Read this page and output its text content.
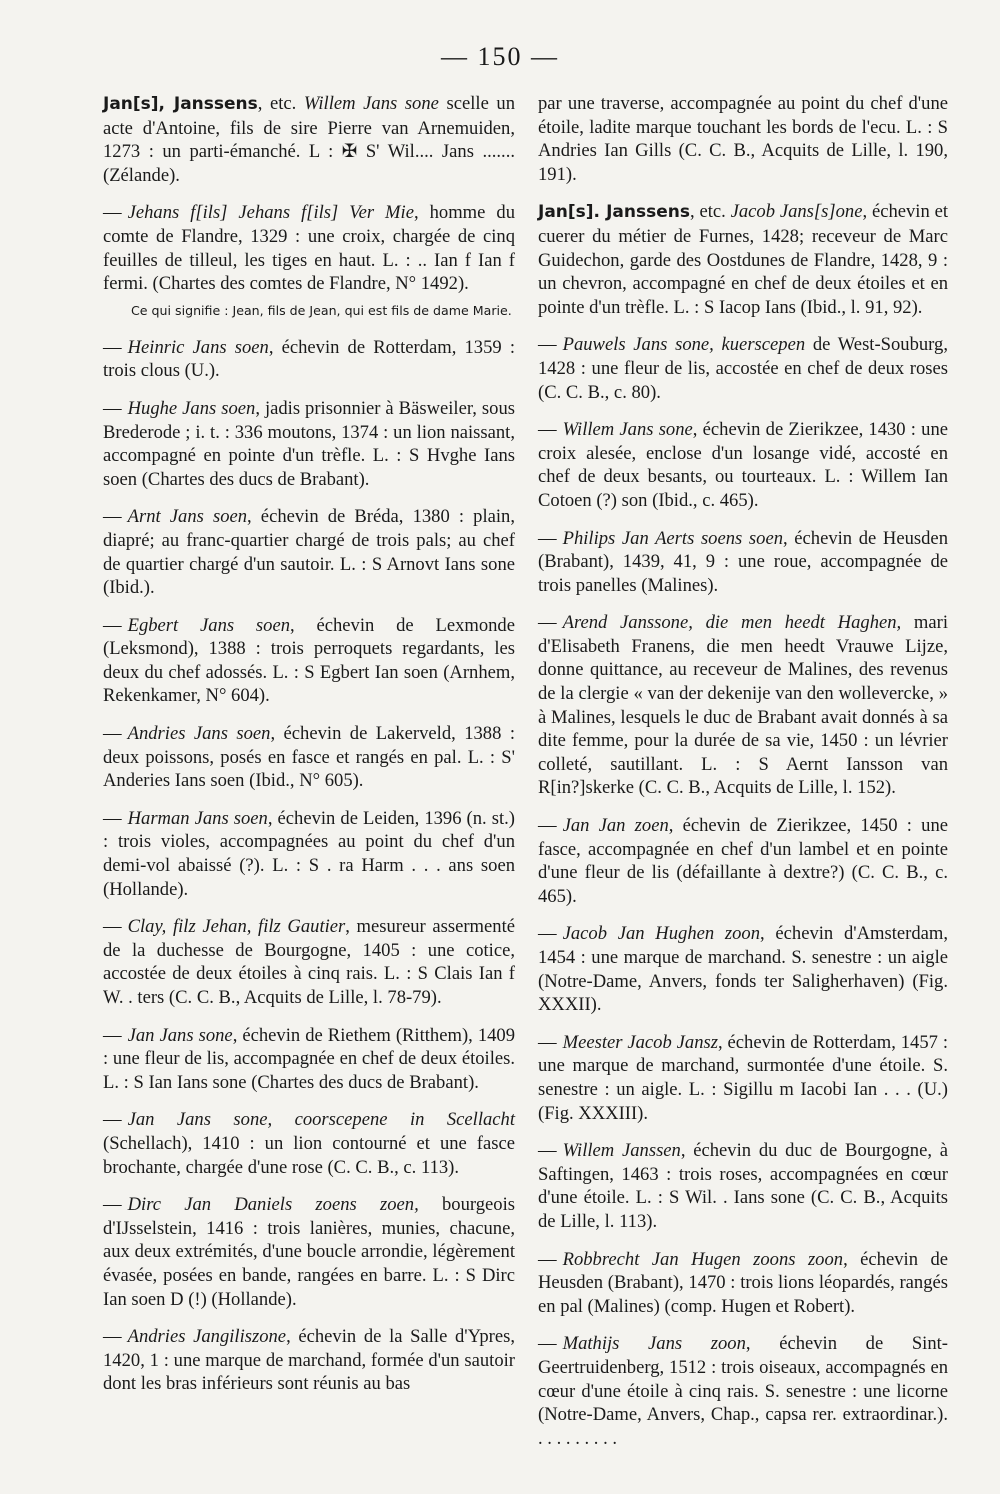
— 150 —
Jan[s], Janssens, etc. Willem Jans sone scelle un acte d'Antoine, fils de sire Pierre van Arnemuiden, 1273 : un parti-émanché. L : ✠ S' Wil.... Jans ....... (Zélande).
— Jehans f[ils] Jehans f[ils] Ver Mie, homme du comte de Flandre, 1329 : une croix, chargée de cinq feuilles de tilleul, les tiges en haut. L. : .. Ian f Ian f fermi. (Chartes des comtes de Flandre, N° 1492).
Ce qui signifie : Jean, fils de Jean, qui est fils de dame Marie.
— Heinric Jans soen, échevin de Rotterdam, 1359 : trois clous (U.).
— Hughe Jans soen, jadis prisonnier à Bäsweiler, sous Brederode ; i. t. : 336 moutons, 1374 : un lion naissant, accompagné en pointe d'un trèfle. L. : S Hvghe Ians soen (Chartes des ducs de Brabant).
— Arnt Jans soen, échevin de Bréda, 1380 : plain, diapré; au franc-quartier chargé de trois pals; au chef de quartier chargé d'un sautoir. L. : S Arnovt Ians sone (Ibid.).
— Egbert Jans soen, échevin de Lexmonde (Leksmond), 1388 : trois perroquets regardants, les deux du chef adossés. L. : S Egbert Ian soen (Arnhem, Rekenkamer, N° 604).
— Andries Jans soen, échevin de Lakerveld, 1388 : deux poissons, posés en fasce et rangés en pal. L. : S' Anderies Ians soen (Ibid., N° 605).
— Harman Jans soen, échevin de Leiden, 1396 (n. st.) : trois violes, accompagnées au point du chef d'un demi-vol abaissé (?). L. : S . ra Harm . . . ans soen (Hollande).
— Clay, filz Jehan, filz Gautier, mesureur assermenté de la duchesse de Bourgogne, 1405 : une cotice, accostée de deux étoiles à cinq rais. L. : S Clais Ian f W. . ters (C. C. B., Acquits de Lille, l. 78-79).
— Jan Jans sone, échevin de Riethem (Ritthem), 1409 : une fleur de lis, accompagnée en chef de deux étoiles. L. : S Ian Ians sone (Chartes des ducs de Brabant).
— Jan Jans sone, coorscepene in Scellacht (Schellach), 1410 : un lion contourné et une fasce brochante, chargée d'une rose (C. C. B., c. 113).
— Dirc Jan Daniels zoens zoen, bourgeois d'IJsselstein, 1416 : trois lanières, munies, chacune, aux deux extrémités, d'une boucle arrondie, légèrement évasée, posées en bande, rangées en barre. L. : S Dirc Ian soen D (!) (Hollande).
— Andries Jangiliszone, échevin de la Salle d'Ypres, 1420, 1 : une marque de marchand, formée d'un sautoir dont les bras inférieurs sont réunis au bas
par une traverse, accompagnée au point du chef d'une étoile, ladite marque touchant les bords de l'ecu. L. : S Andries Ian Gills (C. C. B., Acquits de Lille, l. 190, 191).
Jan[s]. Janssens, etc. Jacob Jans[s]one, échevin et cuerer du métier de Furnes, 1428; receveur de Marc Guidechon, garde des Oostdunes de Flandre, 1428, 9 : un chevron, accompagné en chef de deux étoiles et en pointe d'un trèfle. L. : S Iacop Ians (Ibid., l. 91, 92).
— Pauwels Jans sone, kuerscepen de West-Souburg, 1428 : une fleur de lis, accostée en chef de deux roses (C. C. B., c. 80).
— Willem Jans sone, échevin de Zierikzee, 1430 : une croix alesée, enclose d'un losange vidé, accosté en chef de deux besants, ou tourteaux. L. : Willem Ian Cotoen (?) son (Ibid., c. 465).
— Philips Jan Aerts soens soen, échevin de Heusden (Brabant), 1439, 41, 9 : une roue, accompagnée de trois panelles (Malines).
— Arend Janssone, die men heedt Haghen, mari d'Elisabeth Franens, die men heedt Vrauwe Lijze, donne quittance, au receveur de Malines, des revenus de la clergie « van der dekenije van den wolleverckе, » à Malines, lesquels le duc de Brabant avait donnés à sa dite femme, pour la durée de sa vie, 1450 : un lévrier colleté, sautillant. L. : S Aernt Iansson van R[in?]skerke (C. C. B., Acquits de Lille, l. 152).
— Jan Jan zoen, échevin de Zierikzee, 1450 : une fasce, accompagnée en chef d'un lambel et en pointe d'une fleur de lis (défaillante à dextre?) (C. C. B., c. 465).
— Jacob Jan Hughen zoon, échevin d'Amsterdam, 1454 : une marque de marchand. S. senestre : un aigle (Notre-Dame, Anvers, fonds ter Saligherhaven) (Fig. XXXII).
— Meester Jacob Jansz, échevin de Rotterdam, 1457 : une marque de marchand, surmontée d'une étoile. S. senestre : un aigle. L. : Sigillu m Iacobi Ian . . . (U.) (Fig. XXXIII).
— Willem Janssen, échevin du duc de Bourgogne, à Saftingen, 1463 : trois roses, accompagnées en cœur d'une étoile. L. : S Wil. . Ians sone (C. C. B., Acquits de Lille, l. 113).
— Robbrecht Jan Hugen zoons zoon, échevin de Heusden (Brabant), 1470 : trois lions léopardés, rangés en pal (Malines) (comp. Hugen et Robert).
— Mathijs Jans zoon, échevin de Sint-Geertruidenberg, 1512 : trois oiseaux, accompagnés en cœur d'une étoile à cinq rais. S. senestre : une licorne (Notre-Dame, Anvers, Chap., capsa rer. extraordinar.). . . . . . . . . .
